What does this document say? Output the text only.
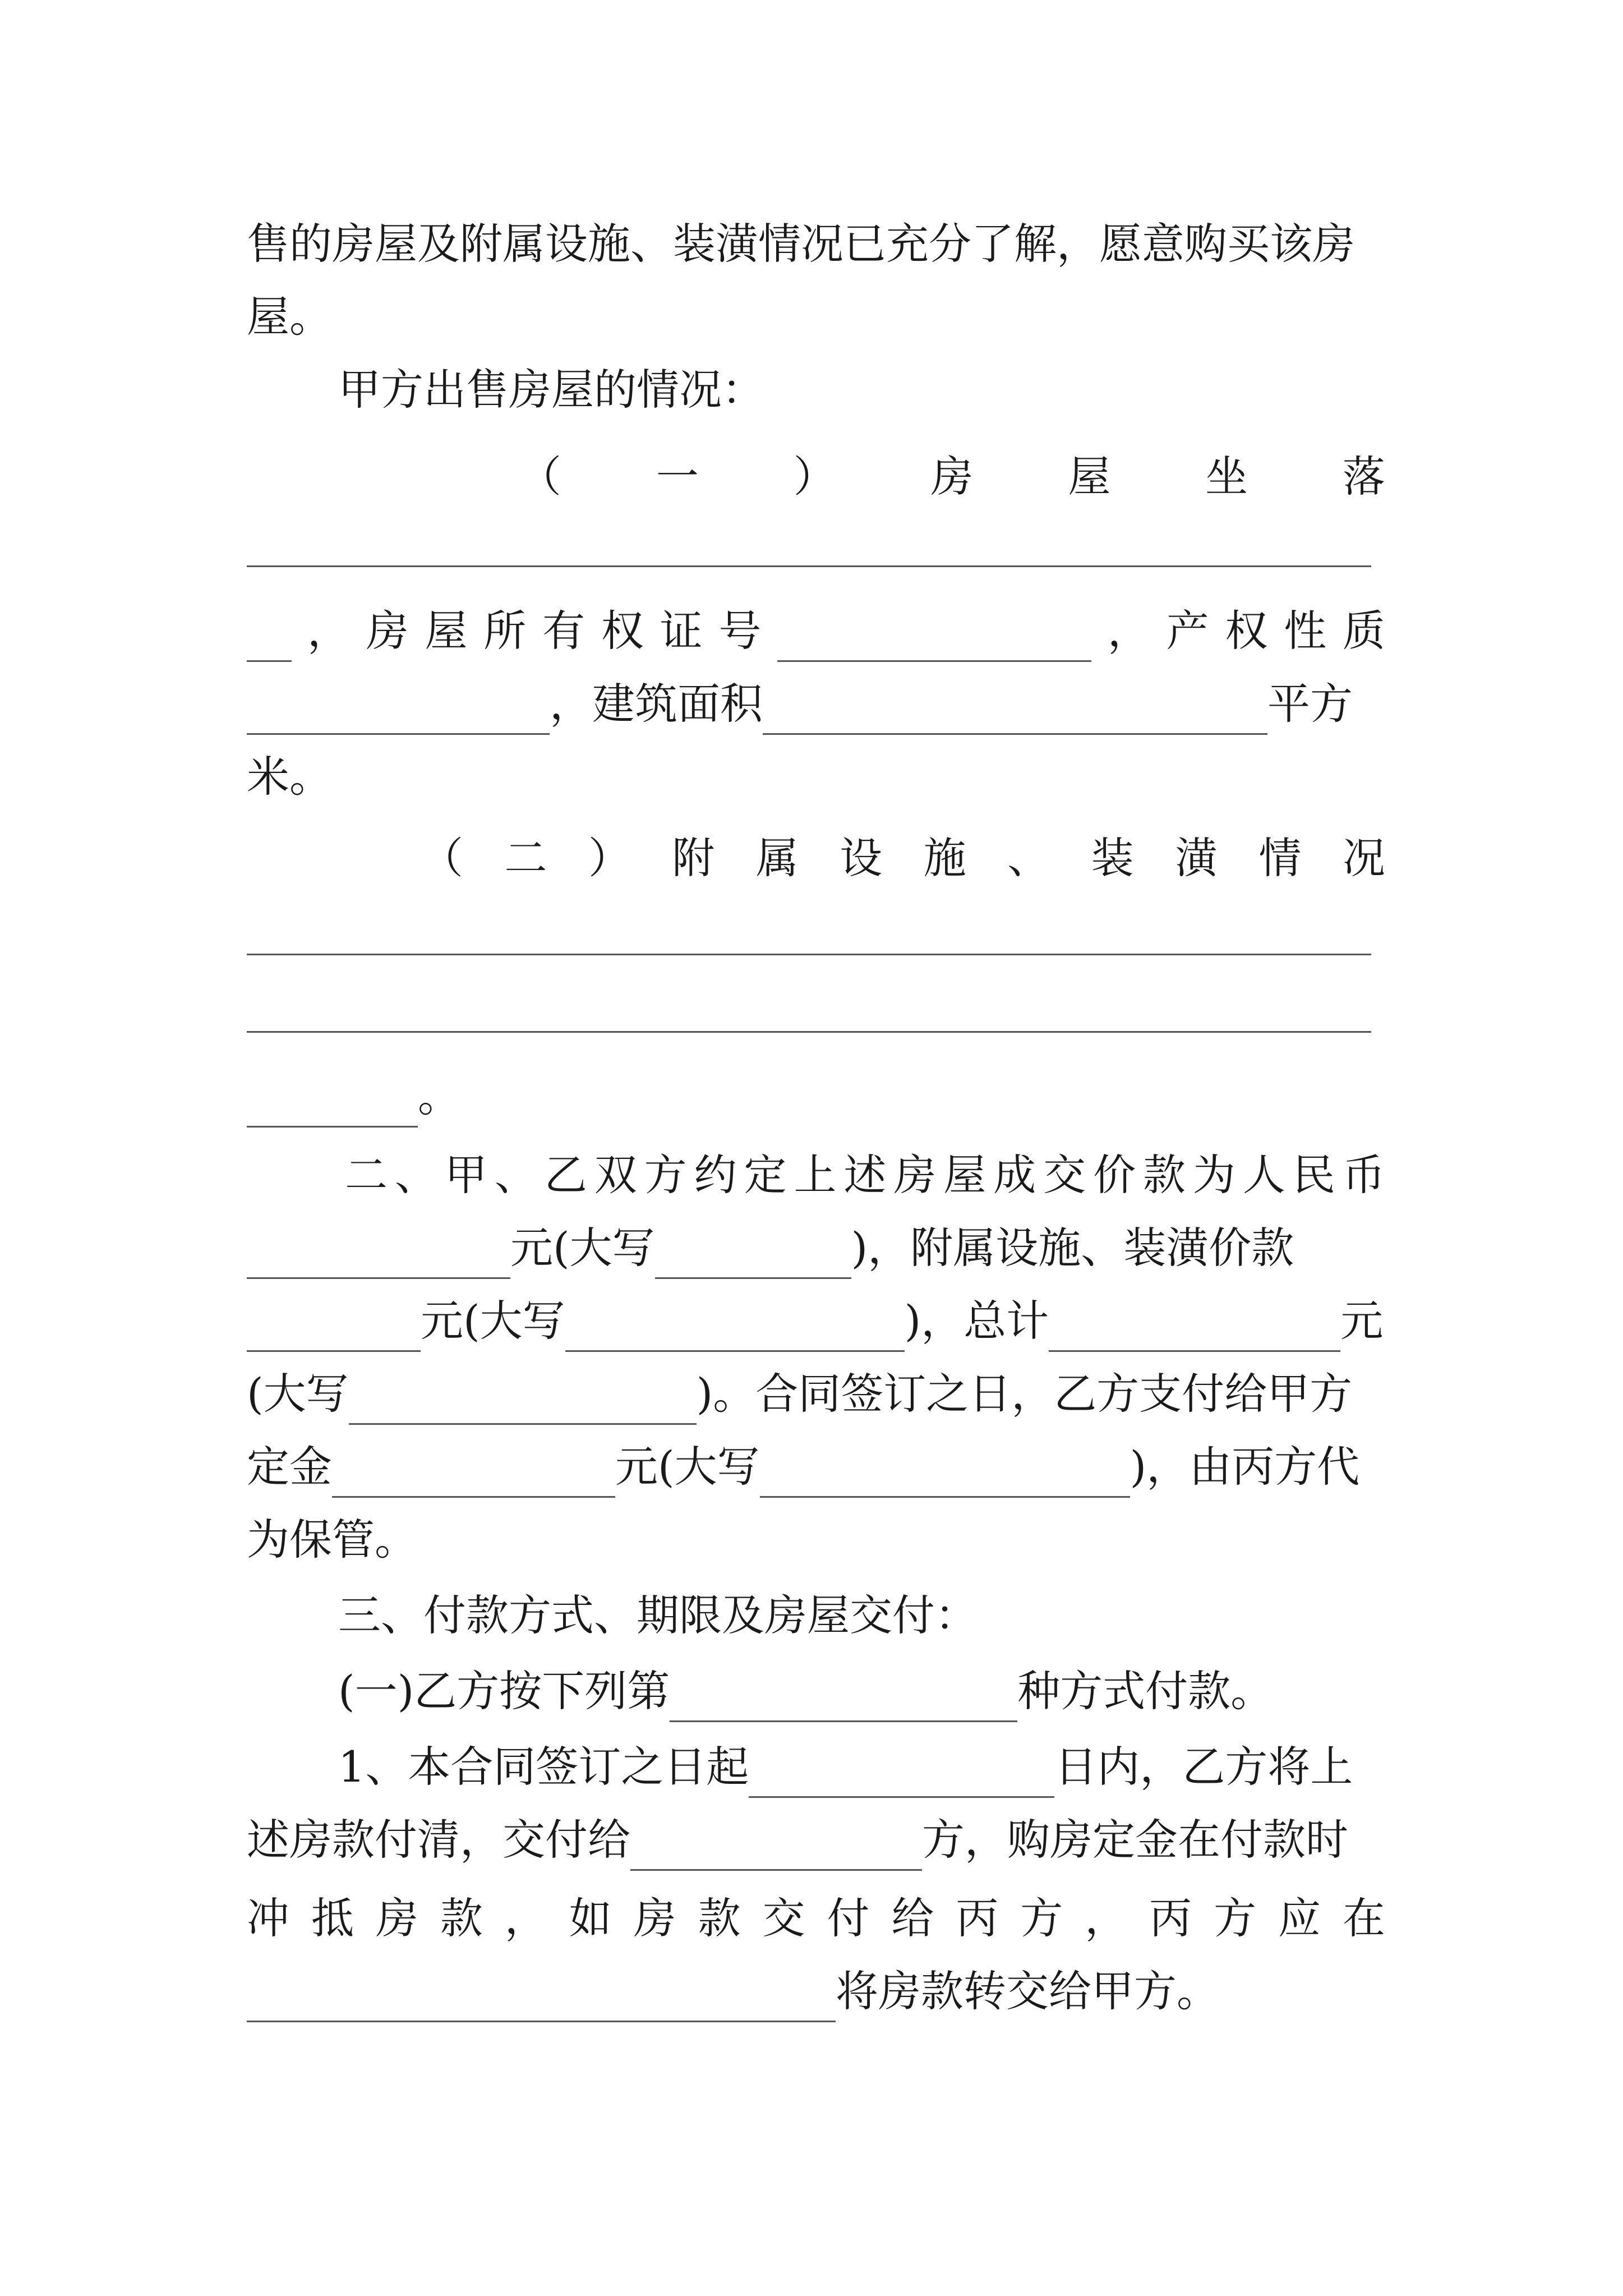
售的房屋及附属设施、装潢情况已充分了解，愿意购买该房
屋。
甲方出售房屋的情况：
（ 一 ） 房 屋 坐 落
， 房 屋 所 有 权 证 号	， 产 权 性 质
，建筑面积	平方
米。
（ 二 ） 附 属 设 施 、 装 潢 情 况
。
二 、 甲 、 乙 双 方 约 定 上 述 房 屋 成 交 价 款 为 人 民 币
元(大写	)，附属设施、装潢价款
元(大写	)，总计	元
(大写	)。合同签订之日，乙方支付给甲方
定金	元(大写	)，由丙方代
为保管。
三、付款方式、期限及房屋交付：
(一)乙方按下列第	种方式付款。
1、本合同签订之日起	日内，乙方将上
述房款付清，交付给	方，购房定金在付款时
冲 抵 房 款 ， 如 房 款 交 付 给 丙 方 ， 丙 方 应 在
将房款转交给甲方。
